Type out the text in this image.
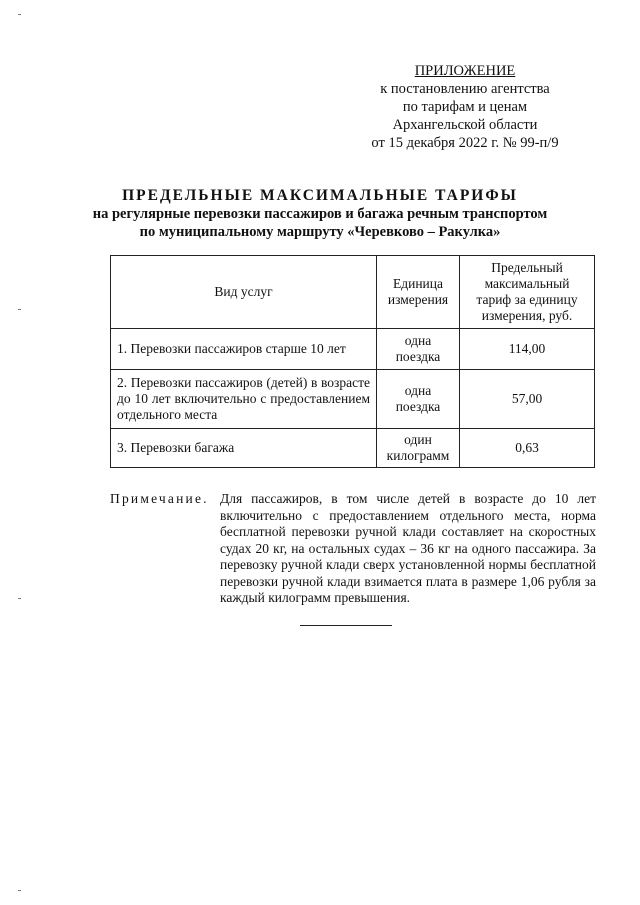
ПРИЛОЖЕНИЕ
к постановлению агентства
по тарифам и ценам
Архангельской области
от 15 декабря 2022 г. № 99-п/9
ПРЕДЕЛЬНЫЕ МАКСИМАЛЬНЫЕ ТАРИФЫ
на регулярные перевозки пассажиров и багажа речным транспортом
по муниципальному маршруту «Черевково – Ракулка»
Вид услуг	Единица измерения	Предельный максимальный тариф за единицу измерения, руб.
1. Перевозки пассажиров старше 10 лет	одна поездка	114,00
2. Перевозки пассажиров (детей) в возрасте до 10 лет включительно с предоставлением отдельного места	одна поездка	57,00
3. Перевозки багажа	один килограмм	0,63
Примечание. Для пассажиров, в том числе детей в возрасте до 10 лет включительно с предоставлением отдельного места, норма бесплатной перевозки ручной клади составляет на скоростных судах 20 кг, на остальных судах – 36 кг на одного пассажира. За перевозку ручной клади сверх установленной нормы бесплатной перевозки ручной клади взимается плата в размере 1,06 рубля за каждый килограмм превышения.
